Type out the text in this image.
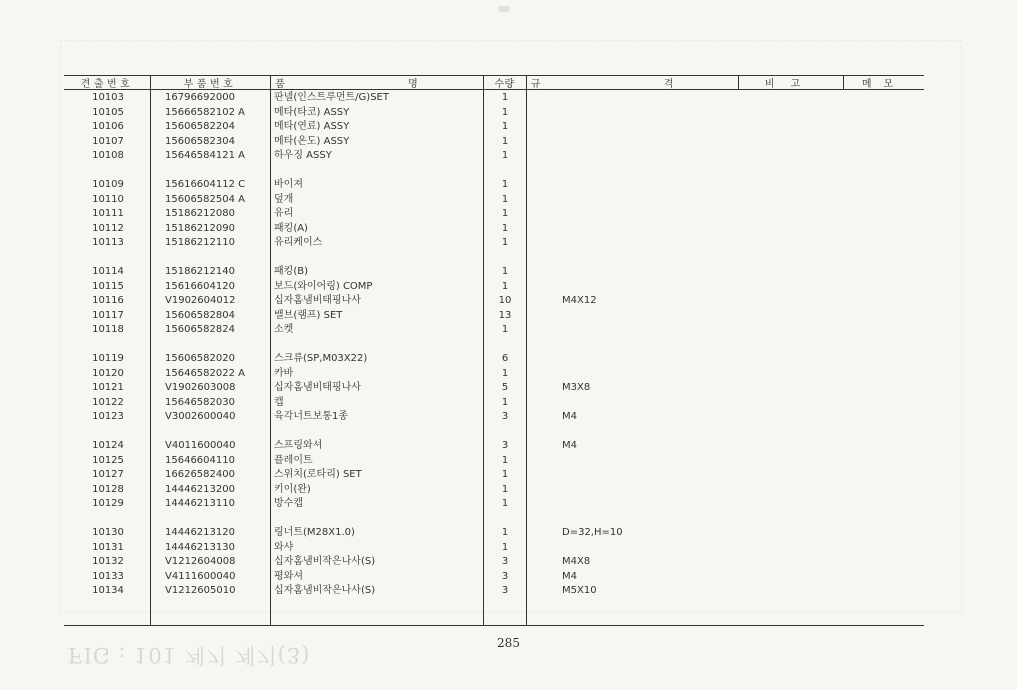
견출번호	부품번호	품 명	수량	규 격	비고	메모
10103	16796692000	판넬(인스트루먼트/G)SET	1
10105	15666582102 A	메타(타코) ASSY	1
10106	15606582204	메타(연료) ASSY	1
10107	15606582304	메타(온도) ASSY	1
10108	15646584121 A	하우징 ASSY	1
10109	15616604112 C	바이져	1
10110	15606582504 A	덮개	1
10111	15186212080	유리	1
10112	15186212090	패킹(A)	1
10113	15186212110	유리케이스	1
10114	15186212140	패킹(B)	1
10115	15616604120	보드(와이어링) COMP	1
10116	V1902604012	십자홈냄비태핑나사	10	M4X12
10117	15606582804	밸브(램프) SET	13
10118	15606582824	소켓	1
10119	15606582020	스크류(SP,M03X22)	6
10120	15646582022 A	카바	1
10121	V1902603008	십자홈냄비태핑나사	5	M3X8
10122	15646582030	캡	1
10123	V3002600040	육각너트보통1종	3	M4
10124	V4011600040	스프링와셔	3	M4
10125	15646604110	플레이트	1
10127	16626582400	스위치(로타리) SET	1
10128	14446213200	키이(완)	1
10129	14446213110	방수캡	1
10130	14446213120	링너트(M28X1.0)	1	D=32,H=10
10131	14446213130	와샤	1
10132	V1212604008	십자홈냄비작은나사(S)	3	M4X8
10133	V4111600040	평와셔	3	M4
10134	V1212605010	십자홈냄비작은나사(S)	3	M5X10
285
FIG : 101 계기 계기(3)
